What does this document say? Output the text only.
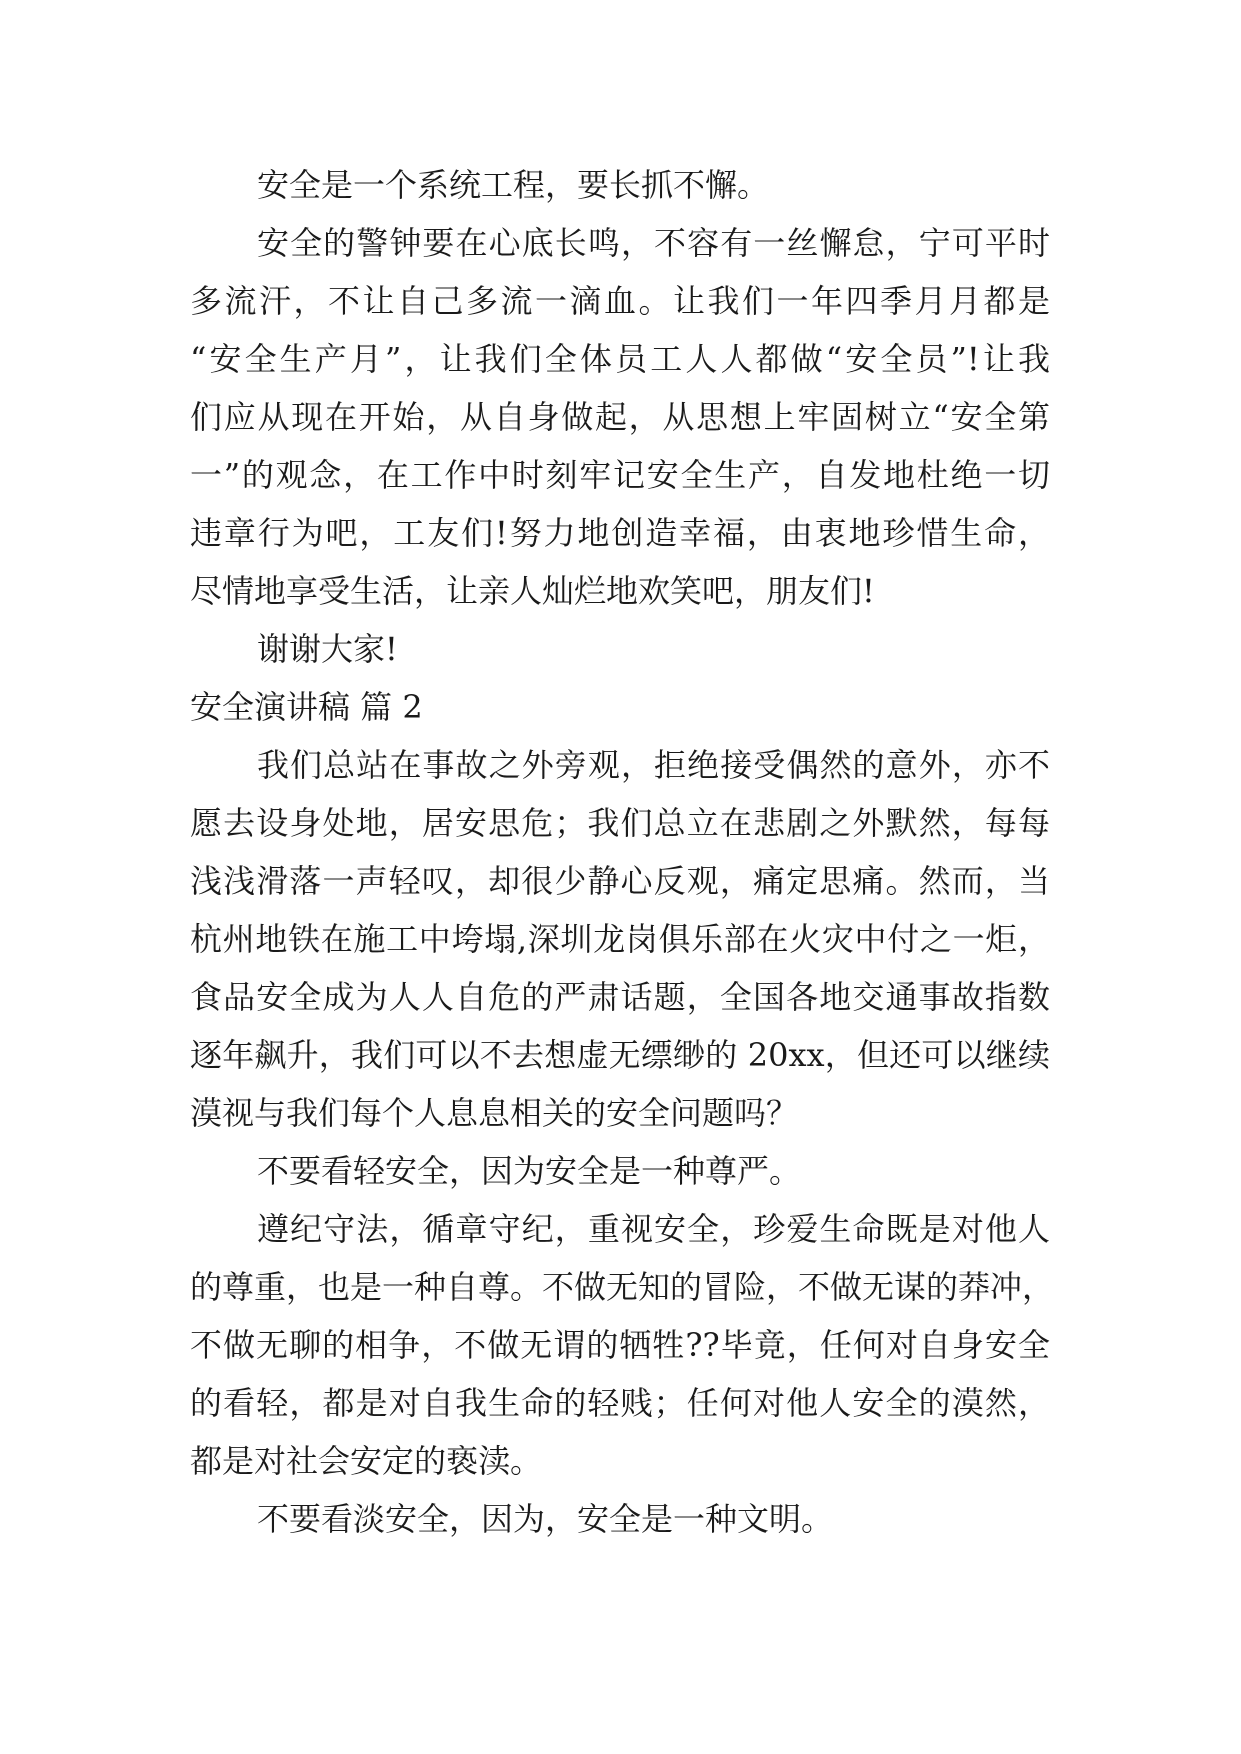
安全是一个系统工程，要长抓不懈。
安全的警钟要在心底长鸣，不容有一丝懈怠，宁可平时
多流汗，不让自己多流一滴血。让我们一年四季月月都是
“安全生产月”，让我们全体员工人人都做“安全员”!让我
们应从现在开始，从自身做起，从思想上牢固树立“安全第
一”的观念，在工作中时刻牢记安全生产，自发地杜绝一切
违章行为吧，工友们!努力地创造幸福，由衷地珍惜生命，
尽情地享受生活，让亲人灿烂地欢笑吧，朋友们!
谢谢大家!
安全演讲稿 篇 2
我们总站在事故之外旁观，拒绝接受偶然的意外，亦不
愿去设身处地，居安思危；我们总立在悲剧之外默然，每每
浅浅滑落一声轻叹，却很少静心反观，痛定思痛。然而，当
杭州地铁在施工中垮塌,深圳龙岗俱乐部在火灾中付之一炬，
食品安全成为人人自危的严肃话题，全国各地交通事故指数
逐年飙升，我们可以不去想虚无缥缈的 20xx，但还可以继续
漠视与我们每个人息息相关的安全问题吗？
不要看轻安全，因为安全是一种尊严。
遵纪守法，循章守纪，重视安全，珍爱生命既是对他人
的尊重，也是一种自尊。不做无知的冒险，不做无谋的莽冲，
不做无聊的相争，不做无谓的牺牲??毕竟，任何对自身安全
的看轻，都是对自我生命的轻贱；任何对他人安全的漠然，
都是对社会安定的亵渎。
不要看淡安全，因为，安全是一种文明。
